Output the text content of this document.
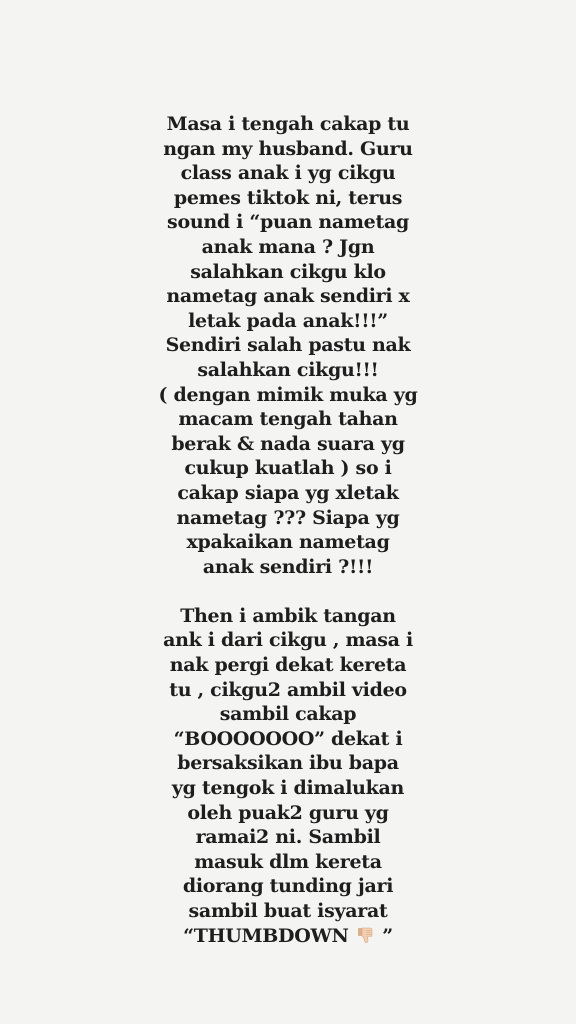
Masa i tengah cakap tu
ngan my husband. Guru
class anak i yg cikgu
pemes tiktok ni, terus
sound i “puan nametag
anak mana ? Jgn
salahkan cikgu klo
nametag anak sendiri x
letak pada anak!!!”
Sendiri salah pastu nak
salahkan cikgu!!!
( dengan mimik muka yg
macam tengah tahan
berak & nada suara yg
cukup kuatlah ) so i
cakap siapa yg xletak
nametag ??? Siapa yg
xpakaikan nametag
anak sendiri ?!!!
Then i ambik tangan
ank i dari cikgu , masa i
nak pergi dekat kereta
tu , cikgu2 ambil video
sambil cakap
“BOOOOOOO” dekat i
bersaksikan ibu bapa
yg tengok i dimalukan
oleh puak2 guru yg
ramai2 ni. Sambil
masuk dlm kereta
diorang tunding jari
sambil buat isyarat
“THUMBDOWN ”
